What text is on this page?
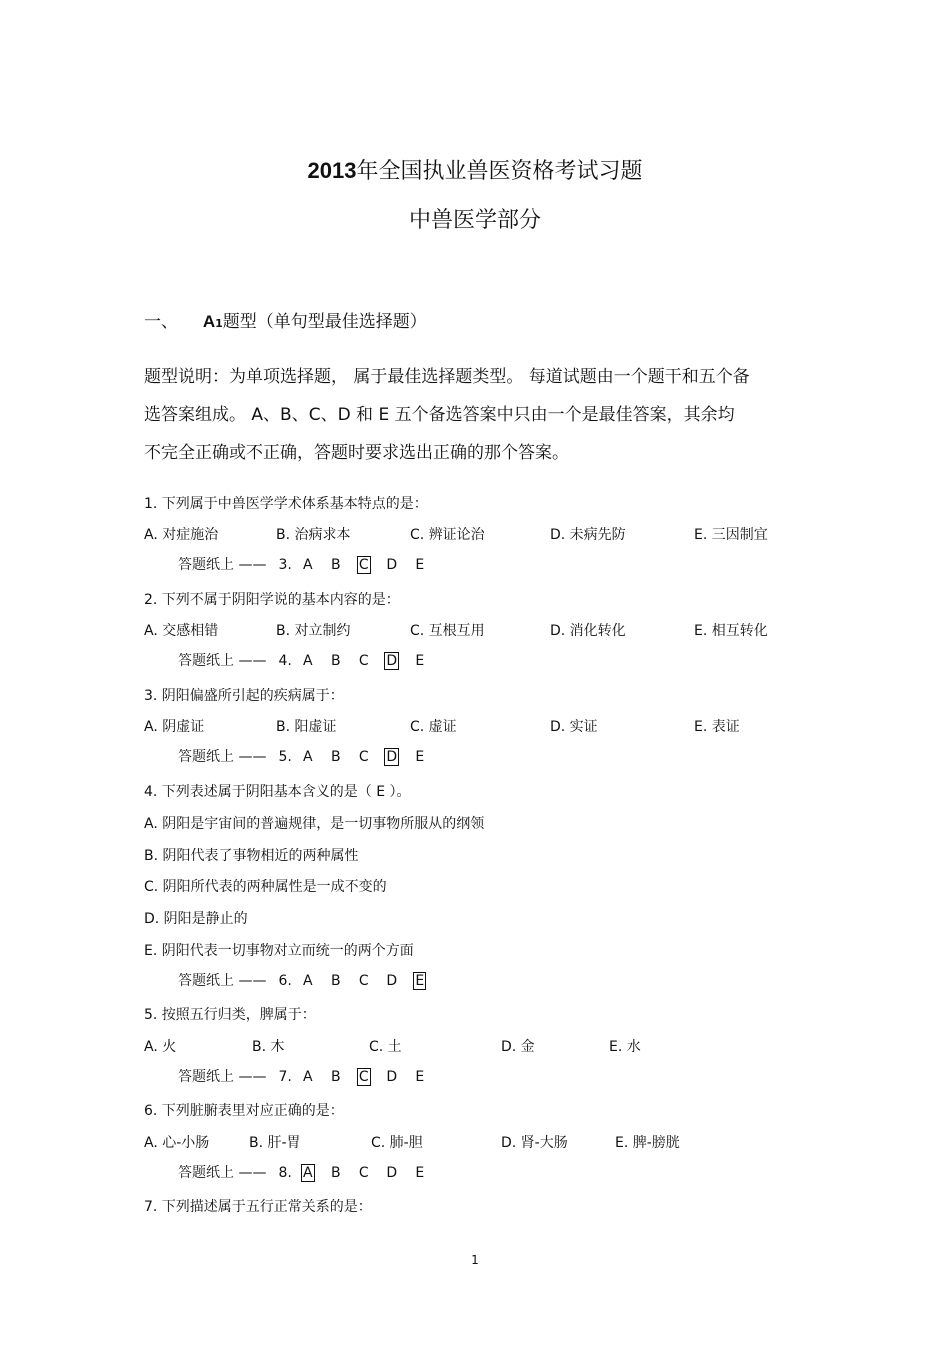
2013年全国执业兽医资格考试习题
中兽医学部分
一、 A1题型（单句型最佳选择题）
题型说明：为单项选择题， 属于最佳选择题类型。 每道试题由一个题干和五个备
选答案组成。 A、B、C、D 和 E 五个备选答案中只由一个是最佳答案，其余均
不完全正确或不正确，答题时要求选出正确的那个答案。
1. 下列属于中兽医学学术体系基本特点的是：
A. 对症施治	B. 治病求本	C. 辨证论治	D. 未病先防	E. 三因制宜
答题纸上 —— 3. A B C D E
2. 下列不属于阴阳学说的基本内容的是：
A. 交感相错	B. 对立制约	C. 互根互用	D. 消化转化	E. 相互转化
答题纸上 —— 4. A B C D E
3. 阴阳偏盛所引起的疾病属于：
A. 阴虚证	B. 阳虚证	C. 虚证	D. 实证	E. 表证
答题纸上 —— 5. A B C D E
4. 下列表述属于阴阳基本含义的是（ E ）。
A. 阴阳是宇宙间的普遍规律，是一切事物所服从的纲领
B. 阴阳代表了事物相近的两种属性
C. 阴阳所代表的两种属性是一成不变的
D. 阴阳是静止的
E. 阴阳代表一切事物对立而统一的两个方面
答题纸上 —— 6. A B C D E
5. 按照五行归类，脾属于：
A. 火	B. 木	C. 土	D. 金	E. 水
答题纸上 —— 7. A B C D E
6. 下列脏腑表里对应正确的是：
A. 心-小肠	B. 肝-胃	C. 肺-胆	D. 肾-大肠	E. 脾-膀胱
答题纸上 —— 8. A B C D E
7. 下列描述属于五行正常关系的是：
1
